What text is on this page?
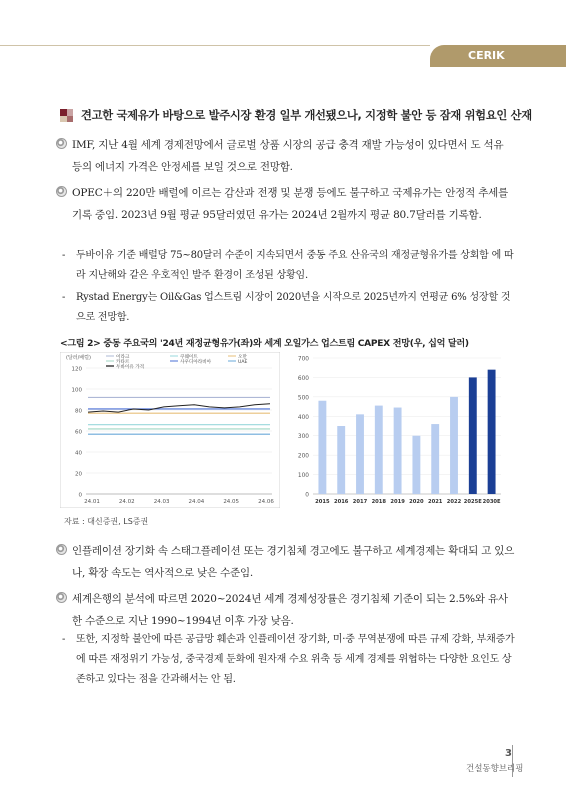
CERIK
견고한 국제유가 바탕으로 발주시장 환경 일부 개선됐으나, 지정학 불안 등 잠재 위험요인 산재
IMF, 지난 4월 세계 경제전망에서 글로벌 상품 시장의 공급 충격 재발 가능성이 있다면서 도 석유 등의 에너지 가격은 안정세를 보일 것으로 전망함.
OPEC＋의 220만 배럴에 이르는 감산과 전쟁 및 분쟁 등에도 불구하고 국제유가는 안정적 추세를 기록 중임. 2023년 9월 평균 95달러였던 유가는 2024년 2월까지 평균 80.7달러를 기록함.
-	두바이유 기준 배럴당 75~80달러 수준이 지속되면서 중동 주요 산유국의 재정균형유가를 상회함 에 따라 지난해와 같은 우호적인 발주 환경이 조성된 상황임.
-	Rystad Energy는 Oil&Gas 업스트림 시장이 2020년을 시작으로 2025년까지 연평균 6% 성장할 것으로 전망함.
<그림 2> 중동 주요국의 '24년 재정균형유가(좌)와 세계 오일가스 업스트림 CAPEX 전망(우, 십억 달러)
0
20
40
60
80
100
120
(달러/배럴)
24.01	24.02	24.03	24.04	24.05	24.06
이라크	쿠웨이트	오만
카타르	사우디아라비아	UAE
두바이유 가격
0
100
200
300
400
500
600
700
2015 2016 2017 2018 2019 2020 2021 2022 2025E 2030E
자료 : 대신증권, LS증권
인플레이션 장기화 속 스태그플레이션 또는 경기침체 경고에도 불구하고 세계경제는 확대되 고 있으나, 확장 속도는 역사적으로 낮은 수준임.
세계은행의 분석에 따르면 2020~2024년 세계 경제성장률은 경기침체 기준이 되는 2.5%와 유사한 수준으로 지난 1990~1994년 이후 가장 낮음.
-	또한, 지정학 불안에 따른 공급망 훼손과 인플레이션 장기화, 미·중 무역분쟁에 따른 규제 강화, 부채증가에 따른 재정위기 가능성, 중국경제 둔화에 원자재 수요 위축 등 세계 경제를 위협하는 다양한 요인도 상존하고 있다는 점을 간과해서는 안 됨.
3
건설동향브리핑
